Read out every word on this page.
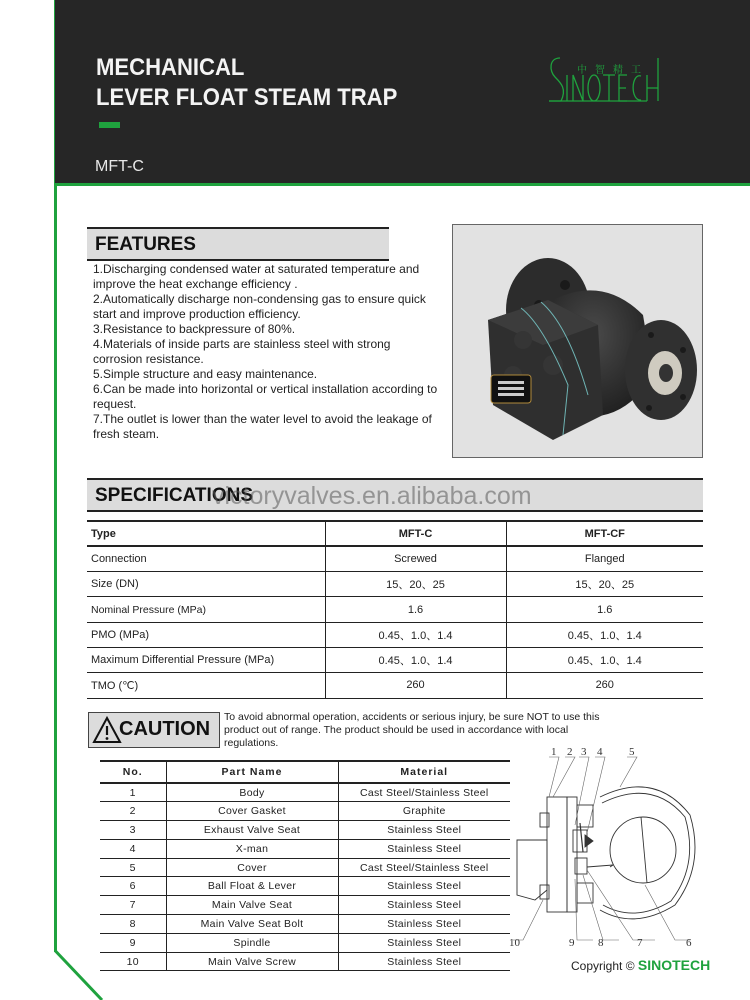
MECHANICAL
LEVER FLOAT STEAM TRAP
MFT-C
中智精工
FEATURES
1.Discharging condensed water at saturated temperature and improve the heat exchange efficiency .
2.Automatically discharge non-condensing gas to ensure quick start and improve production efficiency.
3.Resistance to backpressure of 80%.
4.Materials of inside parts are stainless steel with strong corrosion resistance.
5.Simple structure and easy maintenance.
6.Can be made into horizontal or vertical installation according to request.
7.The outlet is lower than the water level to avoid the leakage of fresh steam.
SPECIFICATIONS
victoryvalves.en.alibaba.com
Type	MFT-C	MFT-CF
Connection	Screwed	Flanged
Size (DN)	15、20、25	15、20、25
Nominal Pressure (MPa)	1.6	1.6
PMO (MPa)	0.45、1.0、1.4	0.45、1.0、1.4
Maximum Differential Pressure (MPa)	0.45、1.0、1.4	0.45、1.0、1.4
TMO (℃)	260	260
CAUTION
To avoid abnormal operation, accidents or serious injury, be sure NOT to use this product out of range. The product should be used in accordance with local regulations.
No.	Part Name	Material
1	Body	Cast Steel/Stainless Steel
2	Cover Gasket	Graphite
3	Exhaust Valve Seat	Stainless Steel
4	X-man	Stainless Steel
5	Cover	Cast Steel/Stainless Steel
6	Ball Float & Lever	Stainless Steel
7	Main Valve Seat	Stainless Steel
8	Main Valve Seat Bolt	Stainless Steel
9	Spindle	Stainless Steel
10	Main Valve Screw	Stainless Steel
1 2 3 4 5
6
7
8
9
10
Copyright © SINOTECH
